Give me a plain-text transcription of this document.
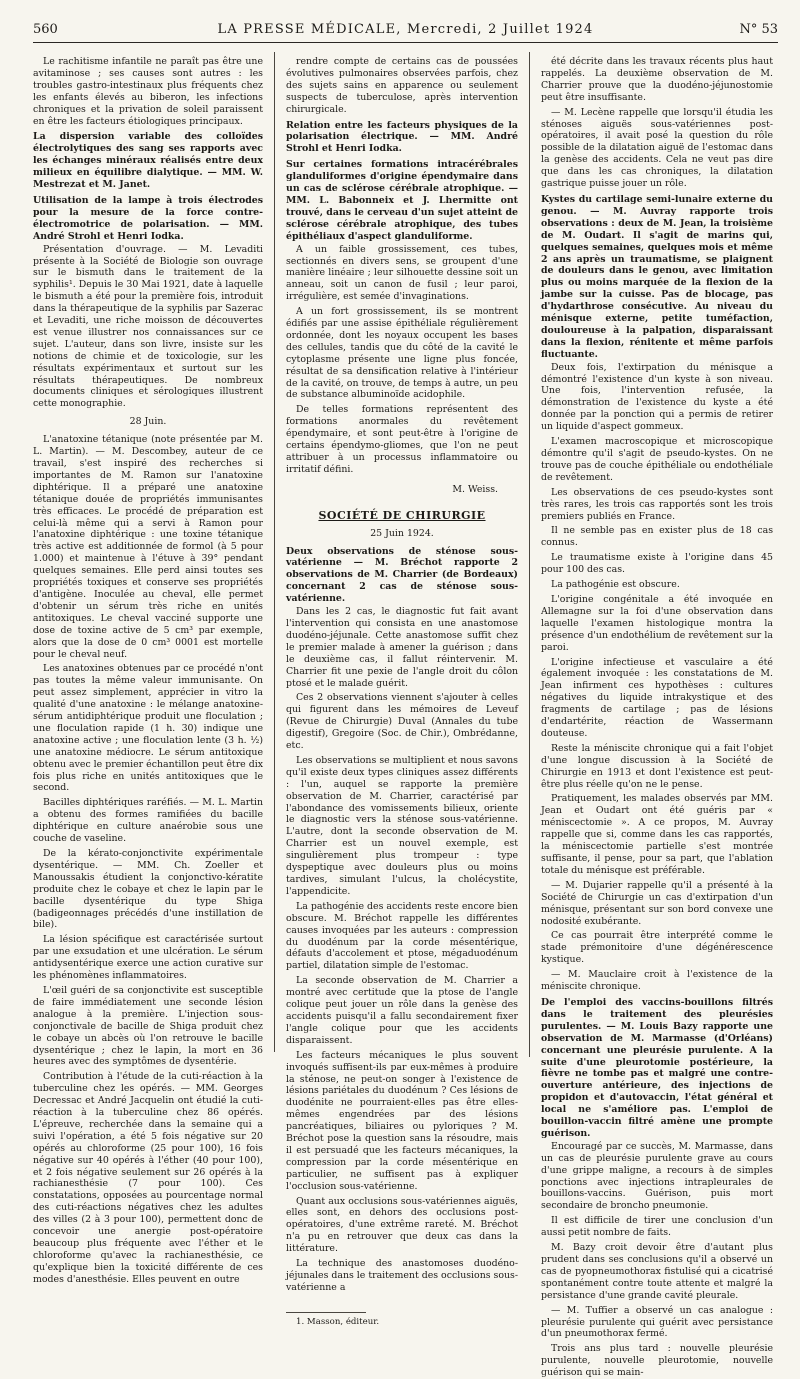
560	LA PRESSE MÉDICALE, Mercredi, 2 Juillet 1924	N° 53

Le rachitisme infantile ne paraît pas être une avitaminose ; ses causes sont autres : les troubles gastro-intestinaux plus fréquents chez les enfants élevés au biberon, les infections chroniques et la privation de soleil paraissent en être les facteurs étiologiques principaux.

La dispersion variable des colloïdes électrolytiques des sang ses rapports avec les échanges minéraux réalisés entre deux milieux en équilibre dialytique. — MM. W. Mestrezat et M. Janet.
Utilisation de la lampe à trois électrodes pour la mesure de la force contre-électromotrice de polarisation. — MM. André Strohl et Henri Iodka.

Présentation d'ouvrage. — M. Levaditi présente à la Société de Biologie son ouvrage sur le bismuth dans le traitement de la syphilis¹. Depuis le 30 Mai 1921, date à laquelle le bismuth a été pour la première fois, introduit dans la thérapeutique de la syphilis par Sazerac et Levaditi, une riche moisson de découvertes est venue illustrer nos connaissances sur ce sujet. L'auteur, dans son livre, insiste sur les notions de chimie et de toxicologie, sur les résultats expérimentaux et surtout sur les résultats thérapeutiques. De nombreux documents cliniques et sérologiques illustrent cette monographie.

28 Juin.

L'anatoxine tétanique (note présentée par M. L. Martin). — M. Descombey, auteur de ce travail, s'est inspiré des recherches si importantes de M. Ramon sur l'anatoxine diphtérique. Il a préparé une anatoxine tétanique douée de propriétés immunisantes très efficaces. Le procédé de préparation est celui-là même qui a servi à Ramon pour l'anatoxine diphtérique : une toxine tétanique très active est additionnée de formol (à 5 pour 1.000) et maintenue à l'étuve à 39° pendant quelques semaines. Elle perd ainsi toutes ses propriétés toxiques et conserve ses propriétés d'antigène. Inoculée au cheval, elle permet d'obtenir un sérum très riche en unités antitoxiques. Le cheval vacciné supporte une dose de toxine active de 5 cm³ par exemple, alors que la dose de 0 cm³ 0001 est mortelle pour le cheval neuf.

Les anatoxines obtenues par ce procédé n'ont pas toutes la même valeur immunisante. On peut assez simplement, apprécier in vitro la qualité d'une anatoxine : le mélange anatoxine-sérum antidiphtérique produit une floculation ; une floculation rapide (1 h. 30) indique une anatoxine active ; une floculation lente (3 h. ½) une anatoxine médiocre. Le sérum antitoxique obtenu avec le premier échantillon peut être dix fois plus riche en unités antitoxiques que le second.

Bacilles diphtériques raréfiés. — M. L. Martin a obtenu des formes ramifiées du bacille diphtérique en culture anaérobie sous une couche de vaseline.

De la kérato-conjonctivite expérimentale dysentérique. — MM. Ch. Zoeller et Manoussakis étudient la conjonctivo-kératite produite chez le cobaye et chez le lapin par le bacille dysentérique du type Shiga (badigeonnages précédés d'une instillation de bile).

La lésion spécifique est caractérisée surtout par une exsudation et une ulcération. Le sérum antidysentérique exerce une action curative sur les phénomènes inflammatoires.

L'œil guéri de sa conjonctivite est susceptible de faire immédiatement une seconde lésion analogue à la première. L'injection sous-conjonctivale de bacille de Shiga produit chez le cobaye un abcès où l'on retrouve le bacille dysentérique ; chez le lapin, la mort en 36 heures avec des symptômes de dysentérie.

Contribution à l'étude de la cuti-réaction à la tuberculine chez les opérés. — MM. Georges Decressac et André Jacquelin ont étudié la cuti-réaction à la tuberculine chez 86 opérés. L'épreuve, recherchée dans la semaine qui a suivi l'opération, a été 5 fois négative sur 20 opérés au chloroforme (25 pour 100), 16 fois négative sur 40 opérés à l'éther (40 pour 100), et 2 fois négative seulement sur 26 opérés à la rachianesthésie (7 pour 100). Ces constatations, opposées au pourcentage normal des cuti-réactions négatives chez les adultes des villes (2 à 3 pour 100), permettent donc de concevoir une anergie post-opératoire beaucoup plus fréquente avec l'éther et le chloroforme qu'avec la rachianesthésie, ce qu'explique bien la toxicité différente de ces modes d'anesthésie. Elles peuvent en outre

rendre compte de certains cas de poussées évolutives pulmonaires observées parfois, chez des sujets sains en apparence ou seulement suspects de tuberculose, après intervention chirurgicale.

Relation entre les facteurs physiques de la polarisation électrique. — MM. André Strohl et Henri Iodka.
Sur certaines formations intracérébrales glanduliformes d'origine épendymaire dans un cas de sclérose cérébrale atrophique. — MM. L. Babonneix et J. Lhermitte ont trouvé, dans le cerveau d'un sujet atteint de sclérose cérébrale atrophique, des tubes épithéliaux d'aspect glanduliforme.

A un faible grossissement, ces tubes, sectionnés en divers sens, se groupent d'une manière linéaire ; leur silhouette dessine soit un anneau, soit un canon de fusil ; leur paroi, irrégulière, est semée d'invaginations.

A un fort grossissement, ils se montrent édifiés par une assise épithéliale régulièrement ordonnée, dont les noyaux occupent les bases des cellules, tandis que du côté de la cavité le cytoplasme présente une ligne plus foncée, résultat de sa densification relative à l'intérieur de la cavité, on trouve, de temps à autre, un peu de substance albuminoïde acidophile.

De telles formations représentent des formations anormales du revêtement épendymaire, et sont peut-être à l'origine de certains épendymo-gliomes, que l'on ne peut attribuer à un processus inflammatoire ou irritatif défini.

M. Weiss.

SOCIÉTÉ DE CHIRURGIE

25 Juin 1924.

Deux observations de sténose sous-vatérienne — M. Bréchot rapporte 2 observations de M. Charrier (de Bordeaux) concernant 2 cas de sténose sous-vatérienne.

Dans les 2 cas, le diagnostic fut fait avant l'intervention qui consista en une anastomose duodéno-jéjunale. Cette anastomose suffit chez le premier malade à amener la guérison ; dans le deuxième cas, il fallut réintervenir. M. Charrier fit une pexie de l'angle droit du côlon ptosé et le malade guérit.

Ces 2 observations viennent s'ajouter à celles qui figurent dans les mémoires de Leveuf (Revue de Chirurgie) Duval (Annales du tube digestif), Gregoire (Soc. de Chir.), Ombrédanne, etc.

Les observations se multiplient et nous savons qu'il existe deux types cliniques assez différents : l'un, auquel se rapporte la première observation de M. Charrier, caractérisé par l'abondance des vomissements bilieux, oriente le diagnostic vers la sténose sous-vatérienne. L'autre, dont la seconde observation de M. Charrier est un nouvel exemple, est singulièrement plus trompeur : type dyspeptique avec douleurs plus ou moins tardives, simulant l'ulcus, la cholécystite, l'appendicite.

La pathogénie des accidents reste encore bien obscure. M. Bréchot rappelle les différentes causes invoquées par les auteurs : compression du duodénum par la corde mésentérique, défauts d'accolement et ptose, mégaduodénum partiel, dilatation simple de l'estomac.

La seconde observation de M. Charrier a montré avec certitude que la ptose de l'angle colique peut jouer un rôle dans la genèse des accidents puisqu'il a fallu secondairement fixer l'angle colique pour que les accidents disparaissent.

Les facteurs mécaniques le plus souvent invoqués suffisent-ils par eux-mêmes à produire la sténose, ne peut-on songer à l'existence de lésions pariétales du duodénum ? Ces lésions de duodénite ne pourraient-elles pas être elles-mêmes engendrées par des lésions pancréatiques, biliaires ou pyloriques ? M. Bréchot pose la question sans la résoudre, mais il est persuadé que les facteurs mécaniques, la compression par la corde mésentérique en particulier, ne suffisent pas à expliquer l'occlusion sous-vatérienne.

Quant aux occlusions sous-vatériennes aiguës, elles sont, en dehors des occlusions post-opératoires, d'une extrême rareté. M. Bréchot n'a pu en retrouver que deux cas dans la littérature.

La technique des anastomoses duodéno-jéjunales dans le traitement des occlusions sous-vatérienne a

1. Masson, éditeur.

été décrite dans les travaux récents plus haut rappelés. La deuxième observation de M. Charrier prouve que la duodéno-jéjunostomie peut être insuffisante.

— M. Lecène rappelle que lorsqu'il étudia les sténoses aiguës sous-vatériennes post-opératoires, il avait posé la question du rôle possible de la dilatation aiguë de l'estomac dans la genèse des accidents. Cela ne veut pas dire que dans les cas chroniques, la dilatation gastrique puisse jouer un rôle.

Kystes du cartilage semi-lunaire externe du genou. — M. Auvray rapporte trois observations : deux de M. Jean, la troisième de M. Oudart. Il s'agit de marins qui, quelques semaines, quelques mois et même 2 ans après un traumatisme, se plaignent de douleurs dans le genou, avec limitation plus ou moins marquée de la flexion de la jambe sur la cuisse. Pas de blocage, pas d'hydarthrose consécutive. Au niveau du ménisque externe, petite tuméfaction, douloureuse à la palpation, disparaissant dans la flexion, rénitente et même parfois fluctuante.

Deux fois, l'extirpation du ménisque a démontré l'existence d'un kyste à son niveau. Une fois, l'intervention refusée, la démonstration de l'existence du kyste a été donnée par la ponction qui a permis de retirer un liquide d'aspect gommeux.

L'examen macroscopique et microscopique démontre qu'il s'agit de pseudo-kystes. On ne trouve pas de couche épithéliale ou endothéliale de revêtement.

Les observations de ces pseudo-kystes sont très rares, les trois cas rapportés sont les trois premiers publiés en France.

Il ne semble pas en exister plus de 18 cas connus.

Le traumatisme existe à l'origine dans 45 pour 100 des cas.

La pathogénie est obscure.

L'origine congénitale a été invoquée en Allemagne sur la foi d'une observation dans laquelle l'examen histologique montra la présence d'un endothélium de revêtement sur la paroi.

L'origine infectieuse et vasculaire a été également invoquée : les constatations de M. Jean infirment ces hypothèses : cultures négatives du liquide intrakystique et des fragments de cartilage ; pas de lésions d'endartérite, réaction de Wassermann douteuse.

Reste la méniscite chronique qui a fait l'objet d'une longue discussion à la Société de Chirurgie en 1913 et dont l'existence est peut-être plus réelle qu'on ne le pense.

Pratiquement, les malades observés par MM. Jean et Oudart ont été guéris par « méniscectomie ». A ce propos, M. Auvray rappelle que si, comme dans les cas rapportés, la méniscectomie partielle s'est montrée suffisante, il pense, pour sa part, que l'ablation totale du ménisque est préférable.

— M. Dujarier rappelle qu'il a présenté à la Société de Chirurgie un cas d'extirpation d'un ménisque, présentant sur son bord convexe une nodosité exubérante.

Ce cas pourrait être interprété comme le stade prémonitoire d'une dégénérescence kystique.

— M. Mauclaire croit à l'existence de la méniscite chronique.

De l'emploi des vaccins-bouillons filtrés dans le traitement des pleurésies purulentes. — M. Louis Bazy rapporte une observation de M. Marmasse (d'Orléans) concernant une pleurésie purulente. A la suite d'une pleurotomie postérieure, la fièvre ne tombe pas et malgré une contre-ouverture antérieure, des injections de propidon et d'autovaccin, l'état général et local ne s'améliore pas. L'emploi de bouillon-vaccin filtré amène une prompte guérison.

Encouragé par ce succès, M. Marmasse, dans un cas de pleurésie purulente grave au cours d'une grippe maligne, a recours à de simples ponctions avec injections intrapleurales de bouillons-vaccins. Guérison, puis mort secondaire de broncho pneumonie.

Il est difficile de tirer une conclusion d'un aussi petit nombre de faits.

M. Bazy croit devoir être d'autant plus prudent dans ses conclusions qu'il a observé un cas de pyopneumothorax fistulisé qui a cicatrisé spontanément contre toute attente et malgré la persistance d'une grande cavité pleurale.

— M. Tuffier a observé un cas analogue : pleurésie purulente qui guérit avec persistance d'un pneumothorax fermé.

Trois ans plus tard : nouvelle pleurésie purulente, nouvelle pleurotomie, nouvelle guérison qui se main-
